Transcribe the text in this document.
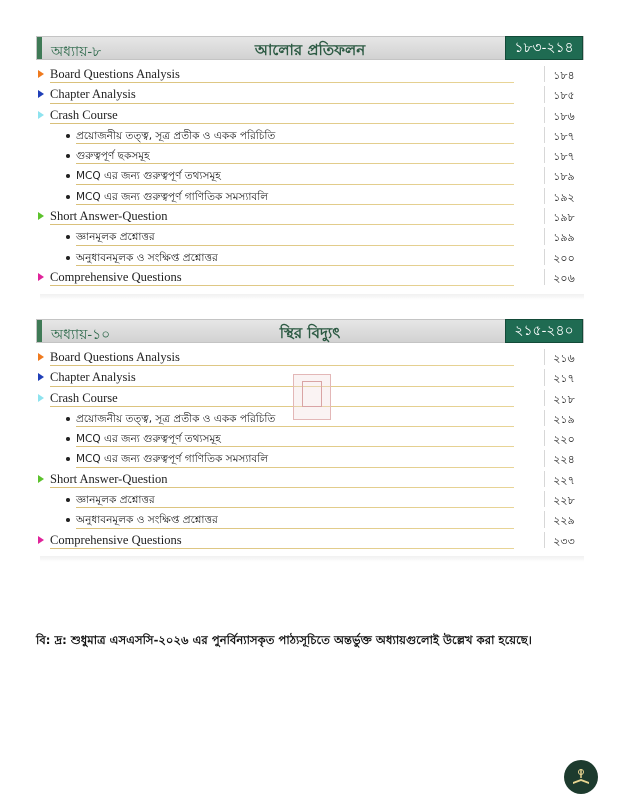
অধ্যায়-৮	আলোর প্রতিফলন	১৮৩-২১৪
Board Questions Analysis	১৮৪
Chapter Analysis	১৮৫
Crash Course	১৮৬
প্রয়োজনীয় তত্ত্ব, সূত্র প্রতীক ও একক পরিচিতি	১৮৭
গুরুত্বপূর্ণ ছকসমূহ	১৮৭
MCQ এর জন্য গুরুত্বপূর্ণ তথ্যসমূহ	১৮৯
MCQ এর জন্য গুরুত্বপূর্ণ গাণিতিক সমস্যাবলি	১৯২
Short Answer-Question	১৯৮
জ্ঞানমূলক প্রশ্নোত্তর	১৯৯
অনুধাবনমূলক ও সংক্ষিপ্ত প্রশ্নোত্তর	২০০
Comprehensive Questions	২০৬
অধ্যায়-১০	স্থির বিদ্যুৎ	২১৫-২৪০
Board Questions Analysis	২১৬
Chapter Analysis	২১৭
Crash Course	২১৮
প্রয়োজনীয় তত্ত্ব, সূত্র প্রতীক ও একক পরিচিতি	২১৯
MCQ এর জন্য গুরুত্বপূর্ণ তথ্যসমূহ	২২০
MCQ এর জন্য গুরুত্বপূর্ণ গাণিতিক সমস্যাবলি	২২৪
Short Answer-Question	২২৭
জ্ঞানমূলক প্রশ্নোত্তর	২২৮
অনুধাবনমূলক ও সংক্ষিপ্ত প্রশ্নোত্তর	২২৯
Comprehensive Questions	২৩৩
বি: দ্র: শুধুমাত্র এসএসসি-২০২৬ এর পুনর্বিন্যাসকৃত পাঠ্যসূচিতে অন্তর্ভুক্ত অধ্যায়গুলোই উল্লেখ করা হয়েছে।
